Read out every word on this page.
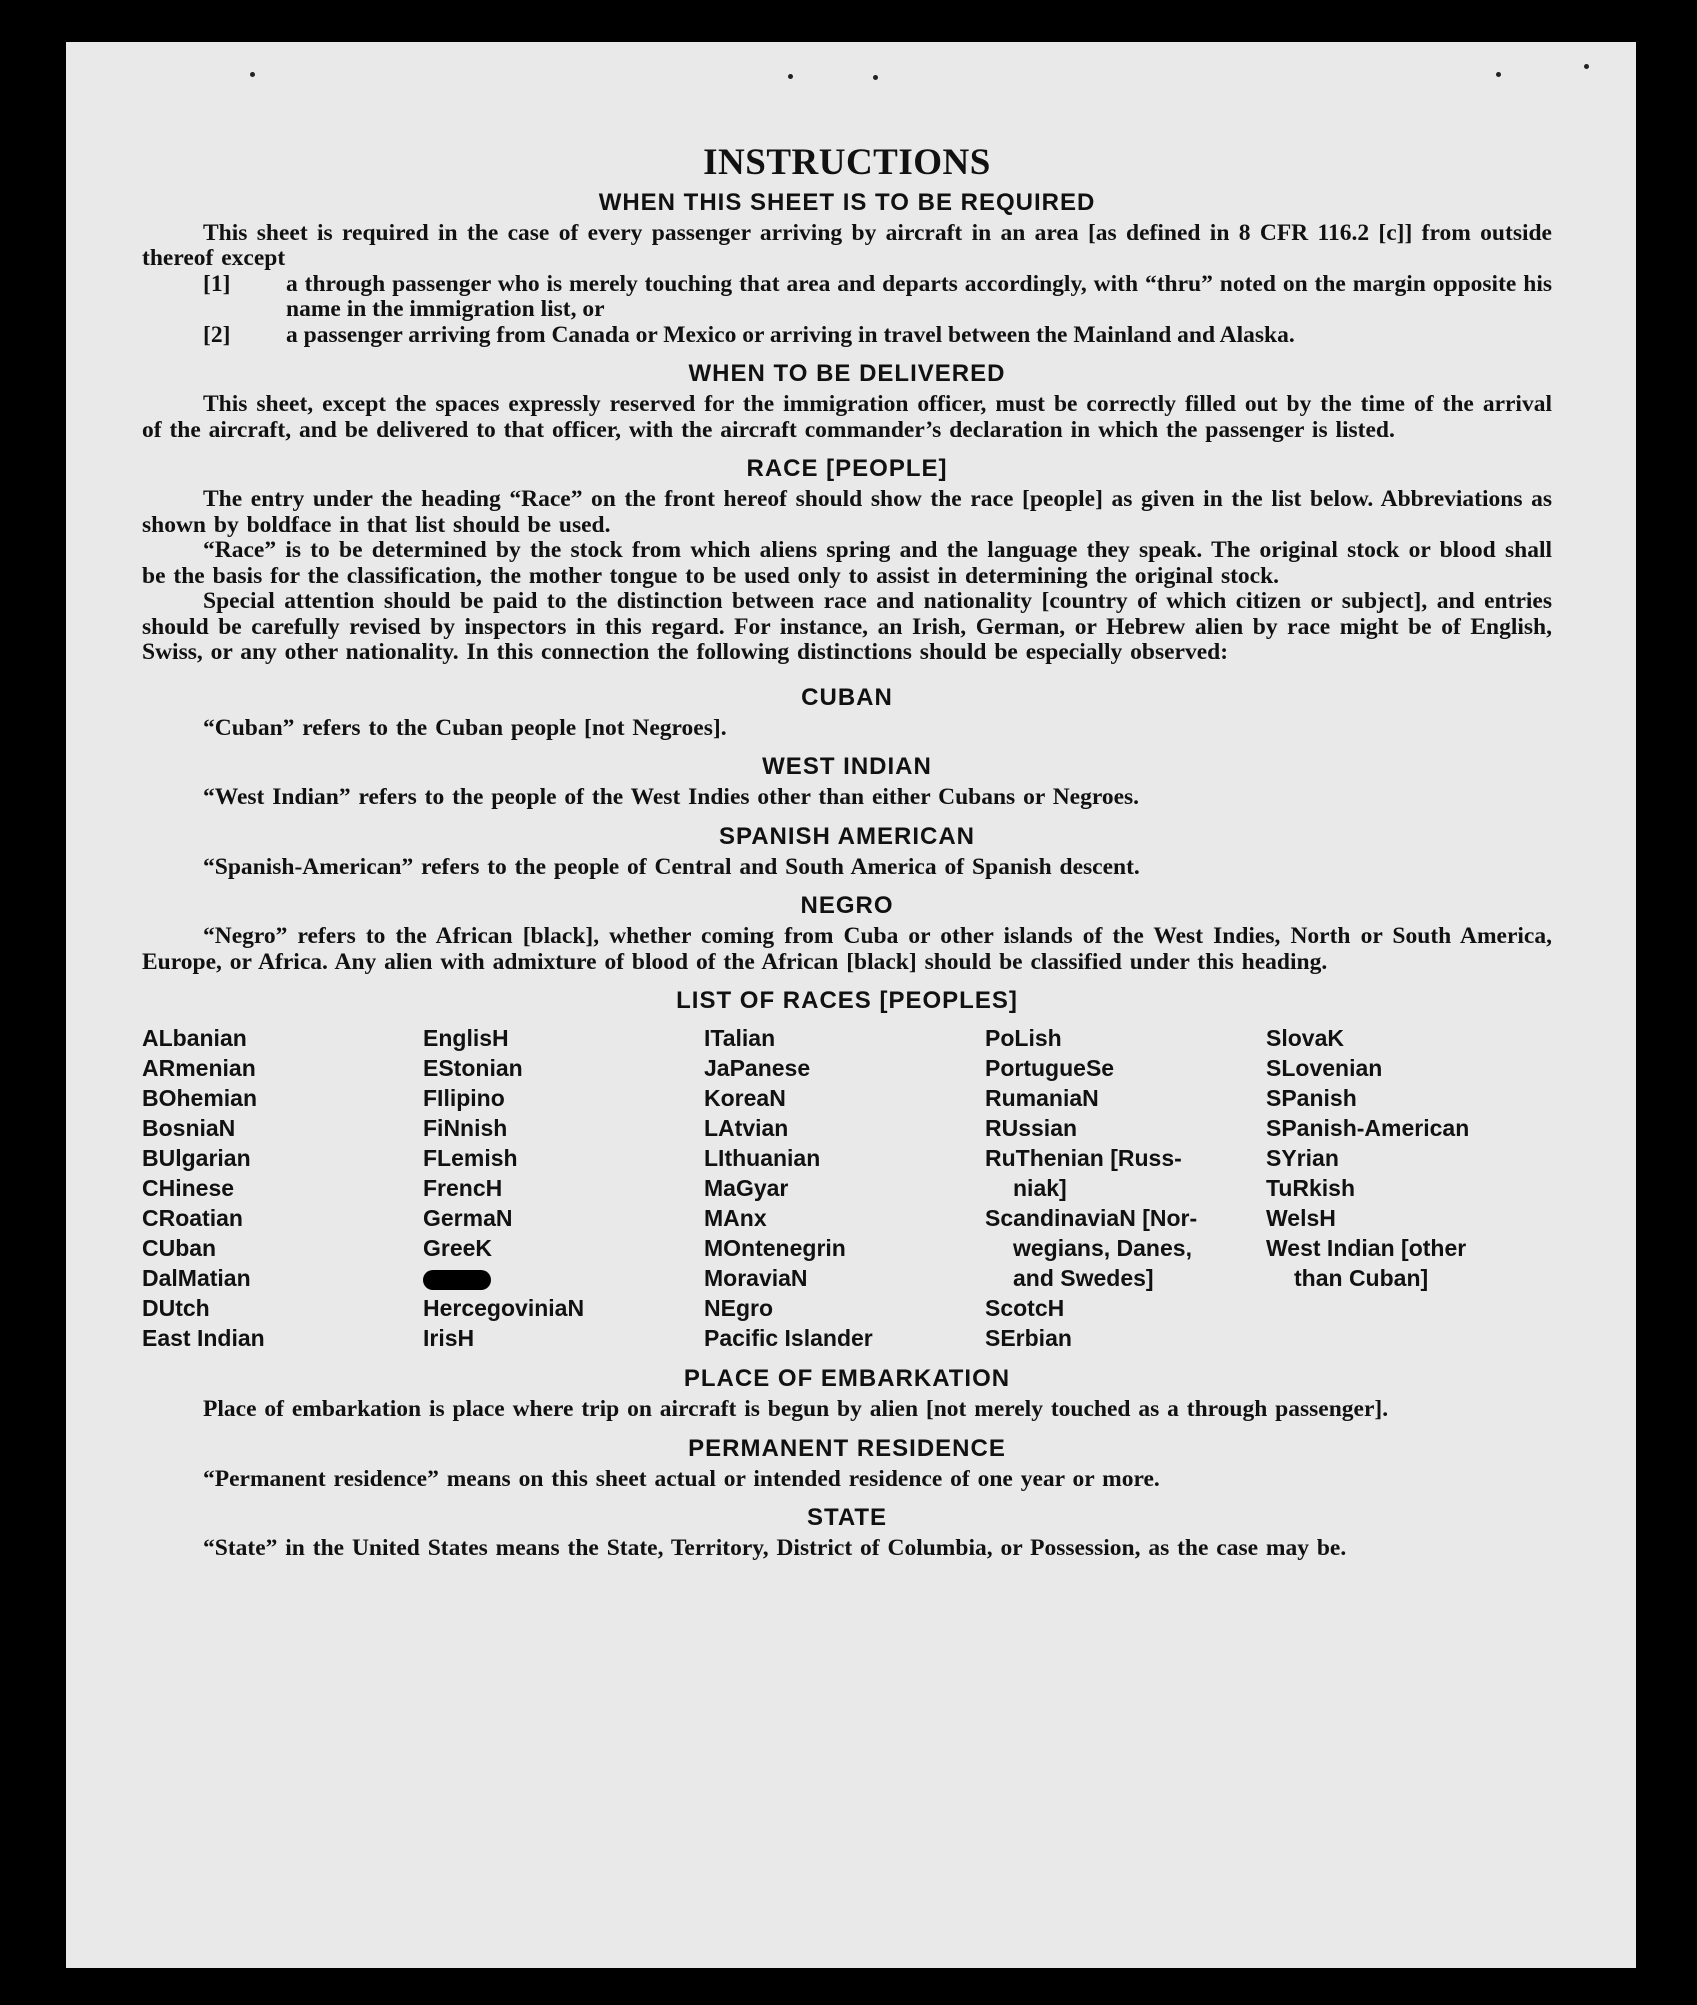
INSTRUCTIONS
WHEN THIS SHEET IS TO BE REQUIRED

This sheet is required in the case of every passenger arriving by aircraft in an area [as defined in 8 CFR 116.2 [c]] from outside thereof except

[1]	a through passenger who is merely touching that area and departs accordingly, with “thru” noted on the margin opposite his name in the immigration list, or
[2]	a passenger arriving from Canada or Mexico or arriving in travel between the Mainland and Alaska.
WHEN TO BE DELIVERED

This sheet, except the spaces expressly reserved for the immigration officer, must be correctly filled out by the time of the arrival of the aircraft, and be delivered to that officer, with the aircraft commander’s declaration in which the passenger is listed.

RACE [PEOPLE]

The entry under the heading “Race” on the front hereof should show the race [people] as given in the list below. Abbreviations as shown by boldface in that list should be used.

“Race” is to be determined by the stock from which aliens spring and the language they speak. The original stock or blood shall be the basis for the classification, the mother tongue to be used only to assist in determining the original stock.

Special attention should be paid to the distinction between race and nationality [country of which citizen or subject], and entries should be carefully revised by inspectors in this regard. For instance, an Irish, German, or Hebrew alien by race might be of English, Swiss, or any other nationality. In this connection the following distinctions should be especially observed:

CUBAN

“Cuban” refers to the Cuban people [not Negroes].

WEST INDIAN

“West Indian” refers to the people of the West Indies other than either Cubans or Negroes.

SPANISH AMERICAN

“Spanish-American” refers to the people of Central and South America of Spanish descent.

NEGRO

“Negro” refers to the African [black], whether coming from Cuba or other islands of the West Indies, North or South America, Europe, or Africa. Any alien with admixture of blood of the African [black] should be classified under this heading.

LIST OF RACES [PEOPLES]

ALbanian

ARmenian

BOhemian

BosniaN

BUlgarian

CHinese

CRoatian

CUban

DalMatian

DUtch

East Indian

EnglisH

EStonian

FIlipino

FiNnish

FLemish

FrencH

GermaN

GreeK

HercegoviniaN

IrisH

ITalian

JaPanese

KoreaN

LAtvian

LIthuanian

MaGyar

MAnx

MOntenegrin

MoraviaN

NEgro

Pacific Islander

PoLish

PortugueSe

RumaniaN

RUssian

RuThenian [Russ-

niak]

ScandinaviaN [Nor-

wegians, Danes,

and Swedes]

ScotcH

SErbian

SlovaK

SLovenian

SPanish

SPanish-American

SYrian

TuRkish

WelsH

West Indian [other

than Cuban]

PLACE OF EMBARKATION

Place of embarkation is place where trip on aircraft is begun by alien [not merely touched as a through passenger].

PERMANENT RESIDENCE

“Permanent residence” means on this sheet actual or intended residence of one year or more.

STATE

“State” in the United States means the State, Territory, District of Columbia, or Possession, as the case may be.
